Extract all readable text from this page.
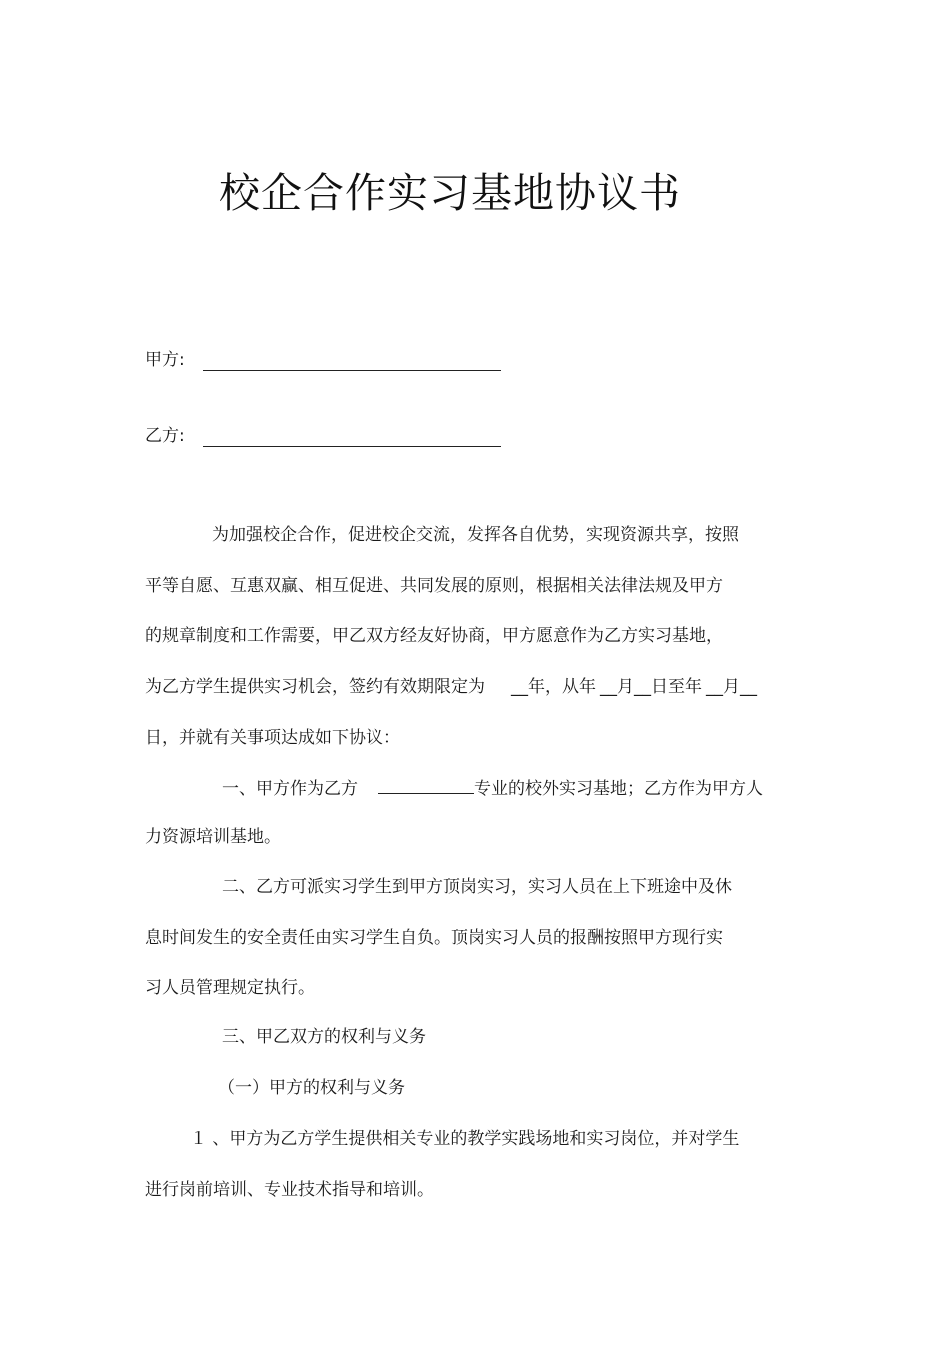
校企合作实习基地协议书
甲方:
乙方:
为加强校企合作，促进校企交流，发挥各自优势，实现资源共享，按照
平等自愿、互惠双赢、相互促进、共同发展的原则，根据相关法律法规及甲方
的规章制度和工作需要，甲乙双方经友好协商，甲方愿意作为乙方实习基地，
为乙方学生提供实习机会，签约有效期限定为 __年，从年 __月__日至年 __月__
日，并就有关事项达成如下协议：
一、甲方作为乙方	专业的校外实习基地；乙方作为甲方人
力资源培训基地。
二、乙方可派实习学生到甲方顶岗实习，实习人员在上下班途中及休
息时间发生的安全责任由实习学生自负。顶岗实习人员的报酬按照甲方现行实
习人员管理规定执行。
三、甲乙双方的权利与义务
（一）甲方的权利与义务
１ 、甲方为乙方学生提供相关专业的教学实践场地和实习岗位，并对学生
进行岗前培训、专业技术指导和培训。
